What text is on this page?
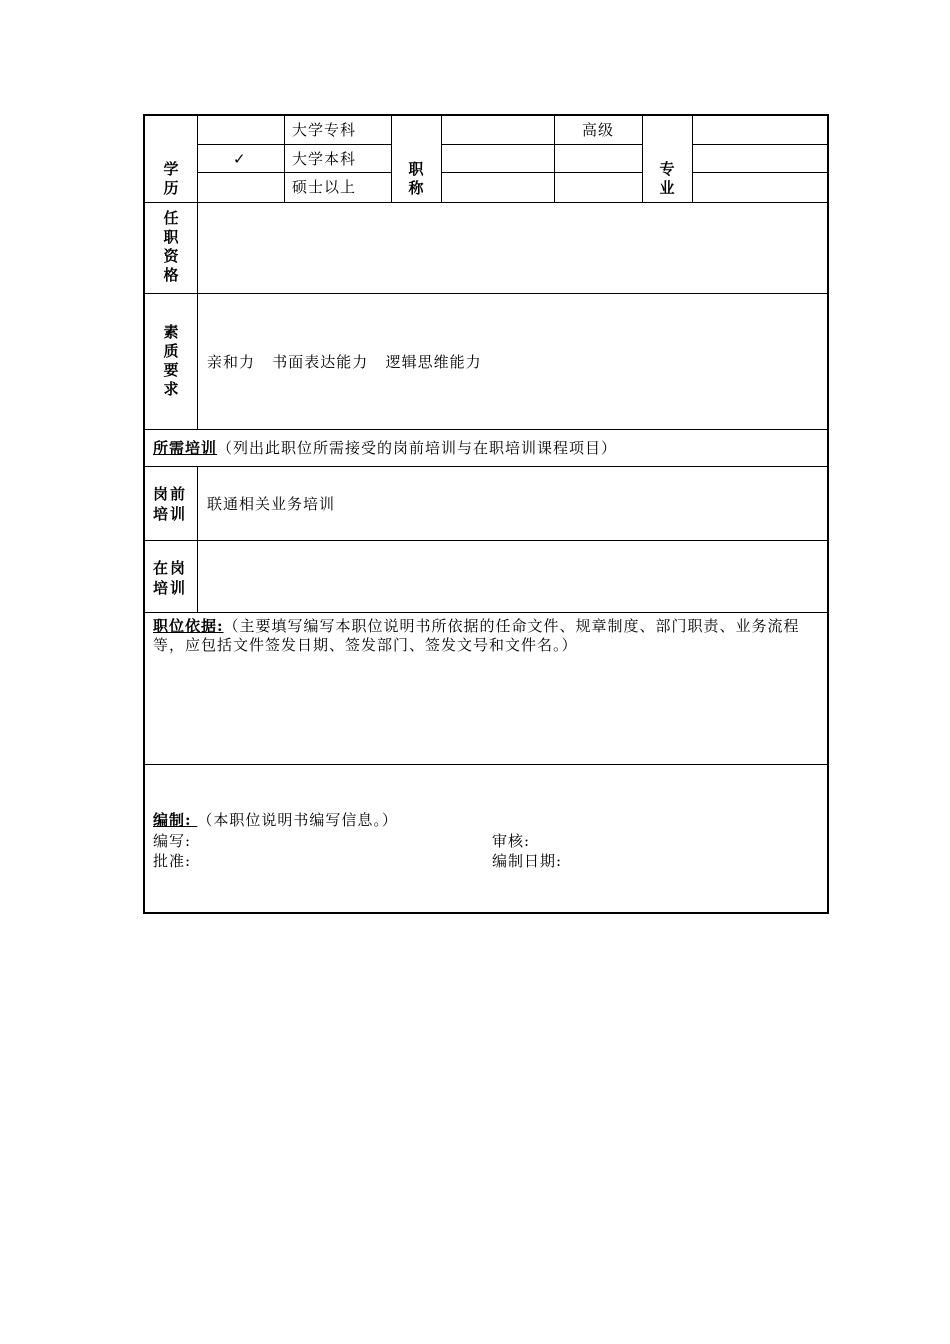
学历
✓
大学专科
大学本科
硕士以上
职称
高级
专业
任职资格
素质要求
亲和力   书面表达能力   逻辑思维能力
所需培训（列出此职位所需接受的岗前培训与在职培训课程项目）
岗前培训
联通相关业务培训
在岗培训
职位依据:（主要填写编写本职位说明书所依据的任命文件、规章制度、部门职责、业务流程等，应包括文件签发日期、签发部门、签发文号和文件名。）
编制: （本职位说明书编写信息。）
编写:	审核:
批准:	编制日期:
